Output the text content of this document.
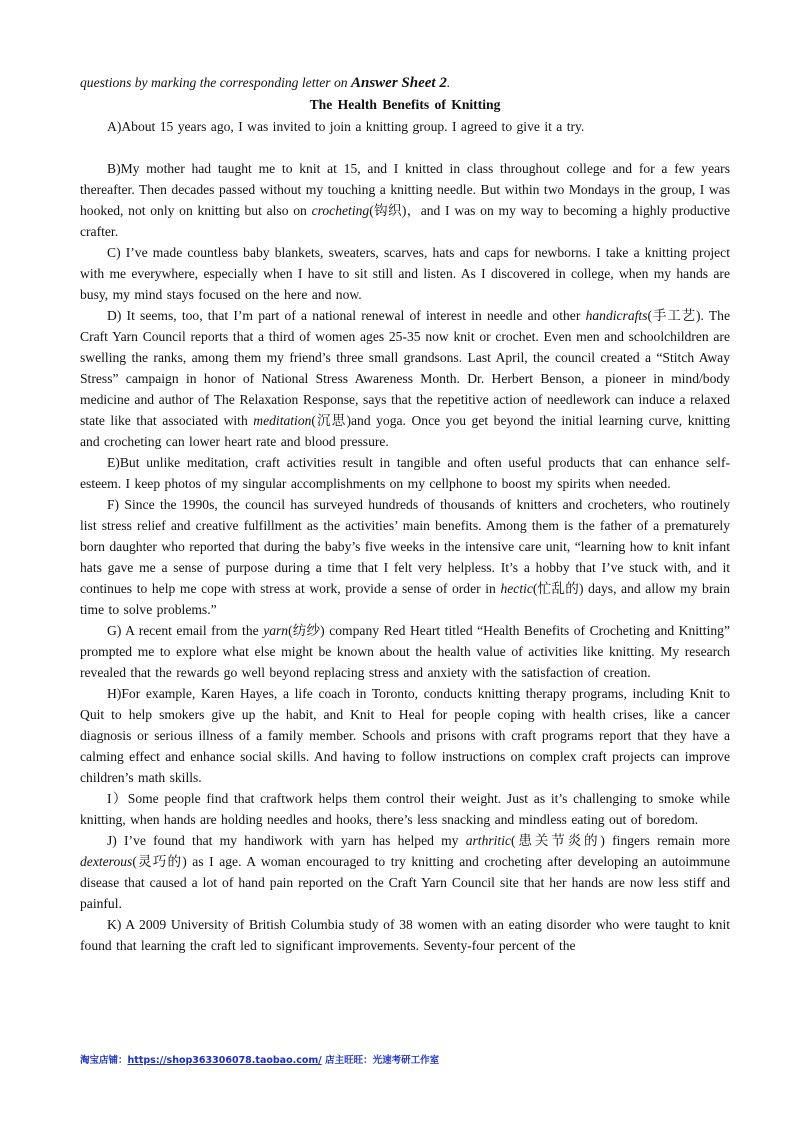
questions by marking the corresponding letter on Answer Sheet 2.
The Health Benefits of Knitting

A)About 15 years ago, I was invited to join a knitting group. I agreed to give it a try.

B)My mother had taught me to knit at 15, and I knitted in class throughout college and for a few years thereafter. Then decades passed without my touching a knitting needle. But within two Mondays in the group, I was hooked, not only on knitting but also on crocheting(钩织)，and I was on my way to becoming a highly productive crafter.

C) I’ve made countless baby blankets, sweaters, scarves, hats and caps for newborns. I take a knitting project with me everywhere, especially when I have to sit still and listen. As I discovered in college, when my hands are busy, my mind stays focused on the here and now.

D) It seems, too, that I’m part of a national renewal of interest in needle and other handicrafts(手工艺). The Craft Yarn Council reports that a third of women ages 25-35 now knit or crochet. Even men and schoolchildren are swelling the ranks, among them my friend’s three small grandsons. Last April, the council created a “Stitch Away Stress” campaign in honor of National Stress Awareness Month. Dr. Herbert Benson, a pioneer in mind/body medicine and author of The Relaxation Response, says that the repetitive action of needlework can induce a relaxed state like that associated with meditation(沉思)and yoga. Once you get beyond the initial learning curve, knitting and crocheting can lower heart rate and blood pressure.

E)But unlike meditation, craft activities result in tangible and often useful products that can enhance self-esteem. I keep photos of my singular accomplishments on my cellphone to boost my spirits when needed.

F) Since the 1990s, the council has surveyed hundreds of thousands of knitters and crocheters, who routinely list stress relief and creative fulfillment as the activities’ main benefits. Among them is the father of a prematurely born daughter who reported that during the baby’s five weeks in the intensive care unit, “learning how to knit infant hats gave me a sense of purpose during a time that I felt very helpless. It’s a hobby that I’ve stuck with, and it continues to help me cope with stress at work, provide a sense of order in hectic(忙乱的) days, and allow my brain time to solve problems.”

G) A recent email from the yarn(纺纱) company Red Heart titled “Health Benefits of Crocheting and Knitting” prompted me to explore what else might be known about the health value of activities like knitting. My research revealed that the rewards go well beyond replacing stress and anxiety with the satisfaction of creation.

H)For example, Karen Hayes, a life coach in Toronto, conducts knitting therapy programs, including Knit to Quit to help smokers give up the habit, and Knit to Heal for people coping with health crises, like a cancer diagnosis or serious illness of a family member. Schools and prisons with craft programs report that they have a calming effect and enhance social skills. And having to follow instructions on complex craft projects can improve children’s math skills.

I）Some people find that craftwork helps them control their weight. Just as it’s challenging to smoke while knitting, when hands are holding needles and hooks, there’s less snacking and mindless eating out of boredom.

J) I’ve found that my handiwork with yarn has helped my arthritic(患关节炎的) fingers remain more dexterous(灵巧的) as I age. A woman encouraged to try knitting and crocheting after developing an autoimmune disease that caused a lot of hand pain reported on the Craft Yarn Council site that her hands are now less stiff and painful.

K) A 2009 University of British Columbia study of 38 women with an eating disorder who were taught to knit found that learning the craft led to significant improvements. Seventy-four percent of the

淘宝店铺：https://shop363306078.taobao.com/ 店主旺旺：光速考研工作室
